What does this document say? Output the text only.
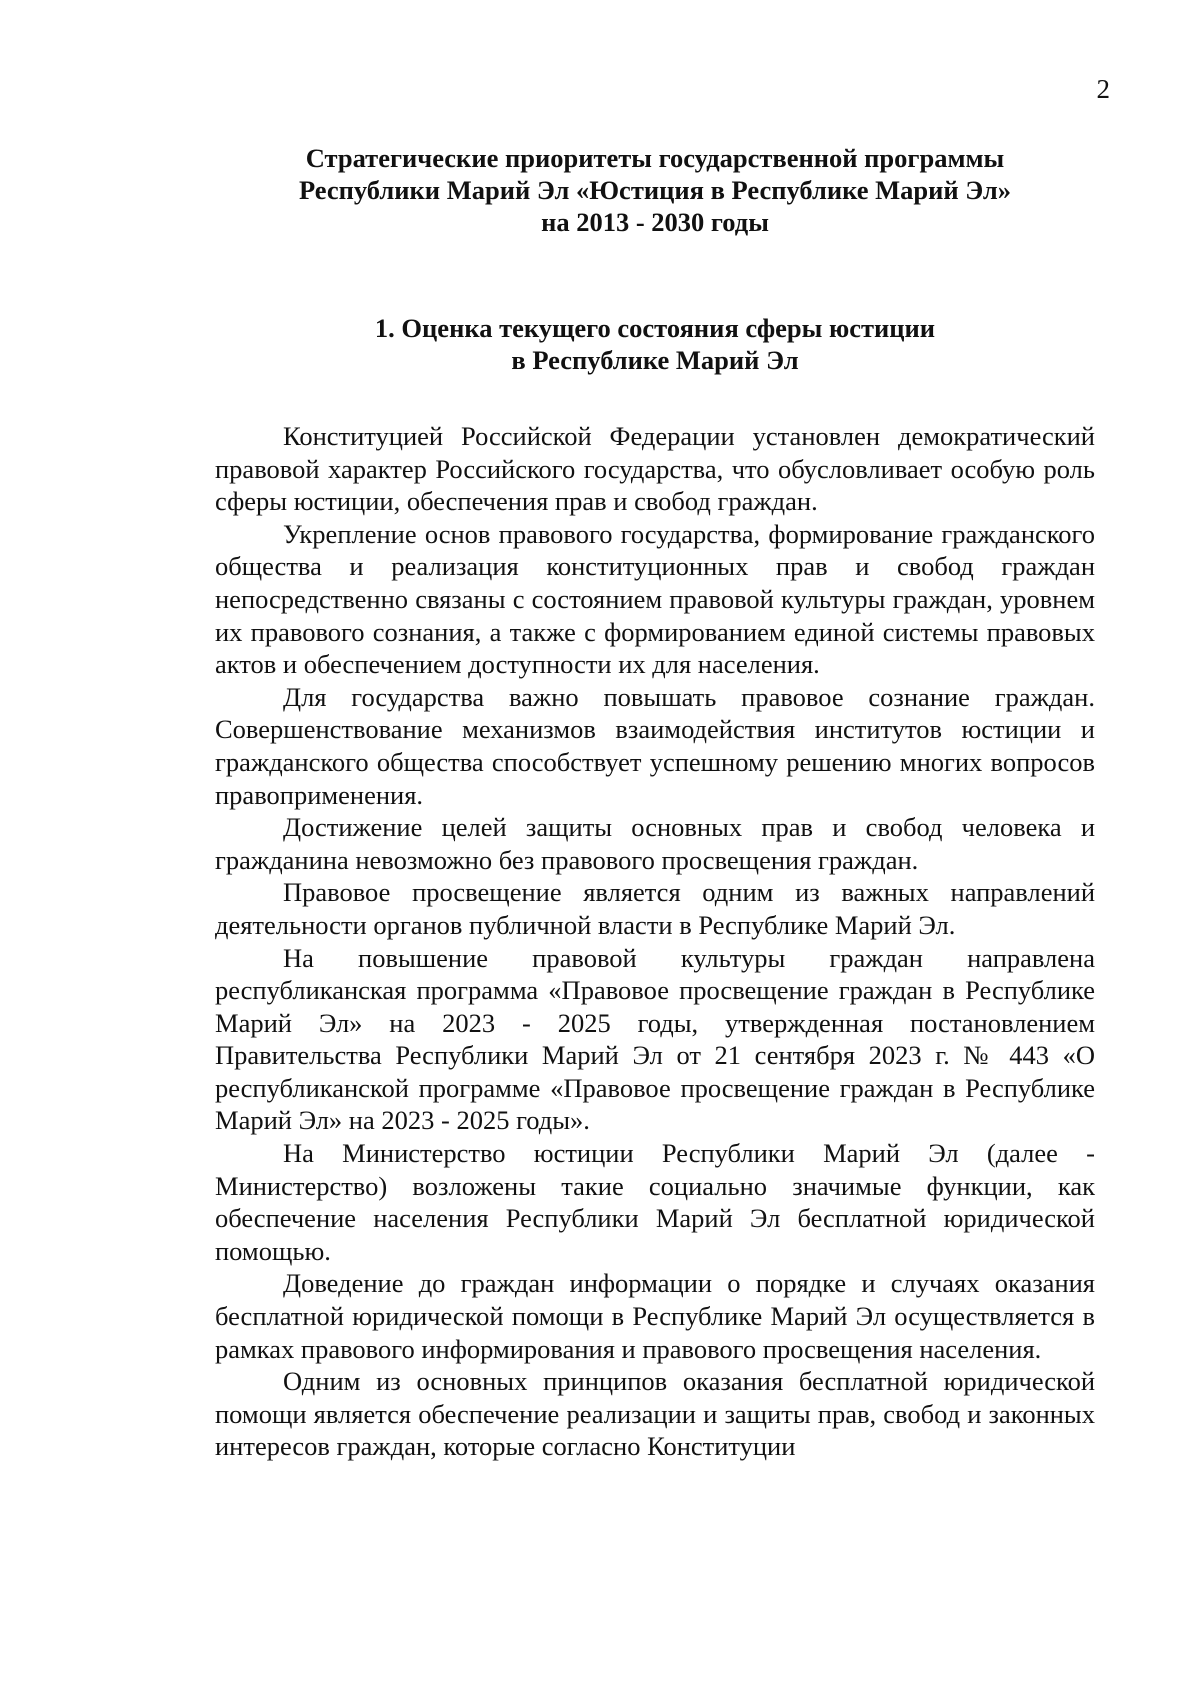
2
Стратегические приоритеты государственной программы
Республики Марий Эл «Юстиция в Республике Марий Эл»
на 2013 - 2030 годы
1. Оценка текущего состояния сферы юстиции
в Республике Марий Эл

Конституцией Российской Федерации установлен демократический правовой характер Российского государства, что обусловливает особую роль сферы юстиции, обеспечения прав и свобод граждан.

Укрепление основ правового государства, формирование гражданского общества и реализация конституционных прав и свобод граждан непосредственно связаны с состоянием правовой культуры граждан, уровнем их правового сознания, а также с формированием единой системы правовых актов и обеспечением доступности их для населения.

Для государства важно повышать правовое сознание граждан. Совершенствование механизмов взаимодействия институтов юстиции и гражданского общества способствует успешному решению многих вопросов правоприменения.

Достижение целей защиты основных прав и свобод человека и гражданина невозможно без правового просвещения граждан.

Правовое просвещение является одним из важных направлений деятельности органов публичной власти в Республике Марий Эл.

На повышение правовой культуры граждан направлена республиканская программа «Правовое просвещение граждан в Республике Марий Эл» на 2023 - 2025 годы, утвержденная постановлением Правительства Республики Марий Эл от 21 сентября 2023 г. № 443 «О республиканской программе «Правовое просвещение граждан в Республике Марий Эл» на 2023 - 2025 годы».

На Министерство юстиции Республики Марий Эл (далее - Министерство) возложены такие социально значимые функции, как обеспечение населения Республики Марий Эл бесплатной юридической помощью.

Доведение до граждан информации о порядке и случаях оказания бесплатной юридической помощи в Республике Марий Эл осуществляется в рамках правового информирования и правового просвещения населения.

Одним из основных принципов оказания бесплатной юридической помощи является обеспечение реализации и защиты прав, свобод и законных интересов граждан, которые согласно Конституции
